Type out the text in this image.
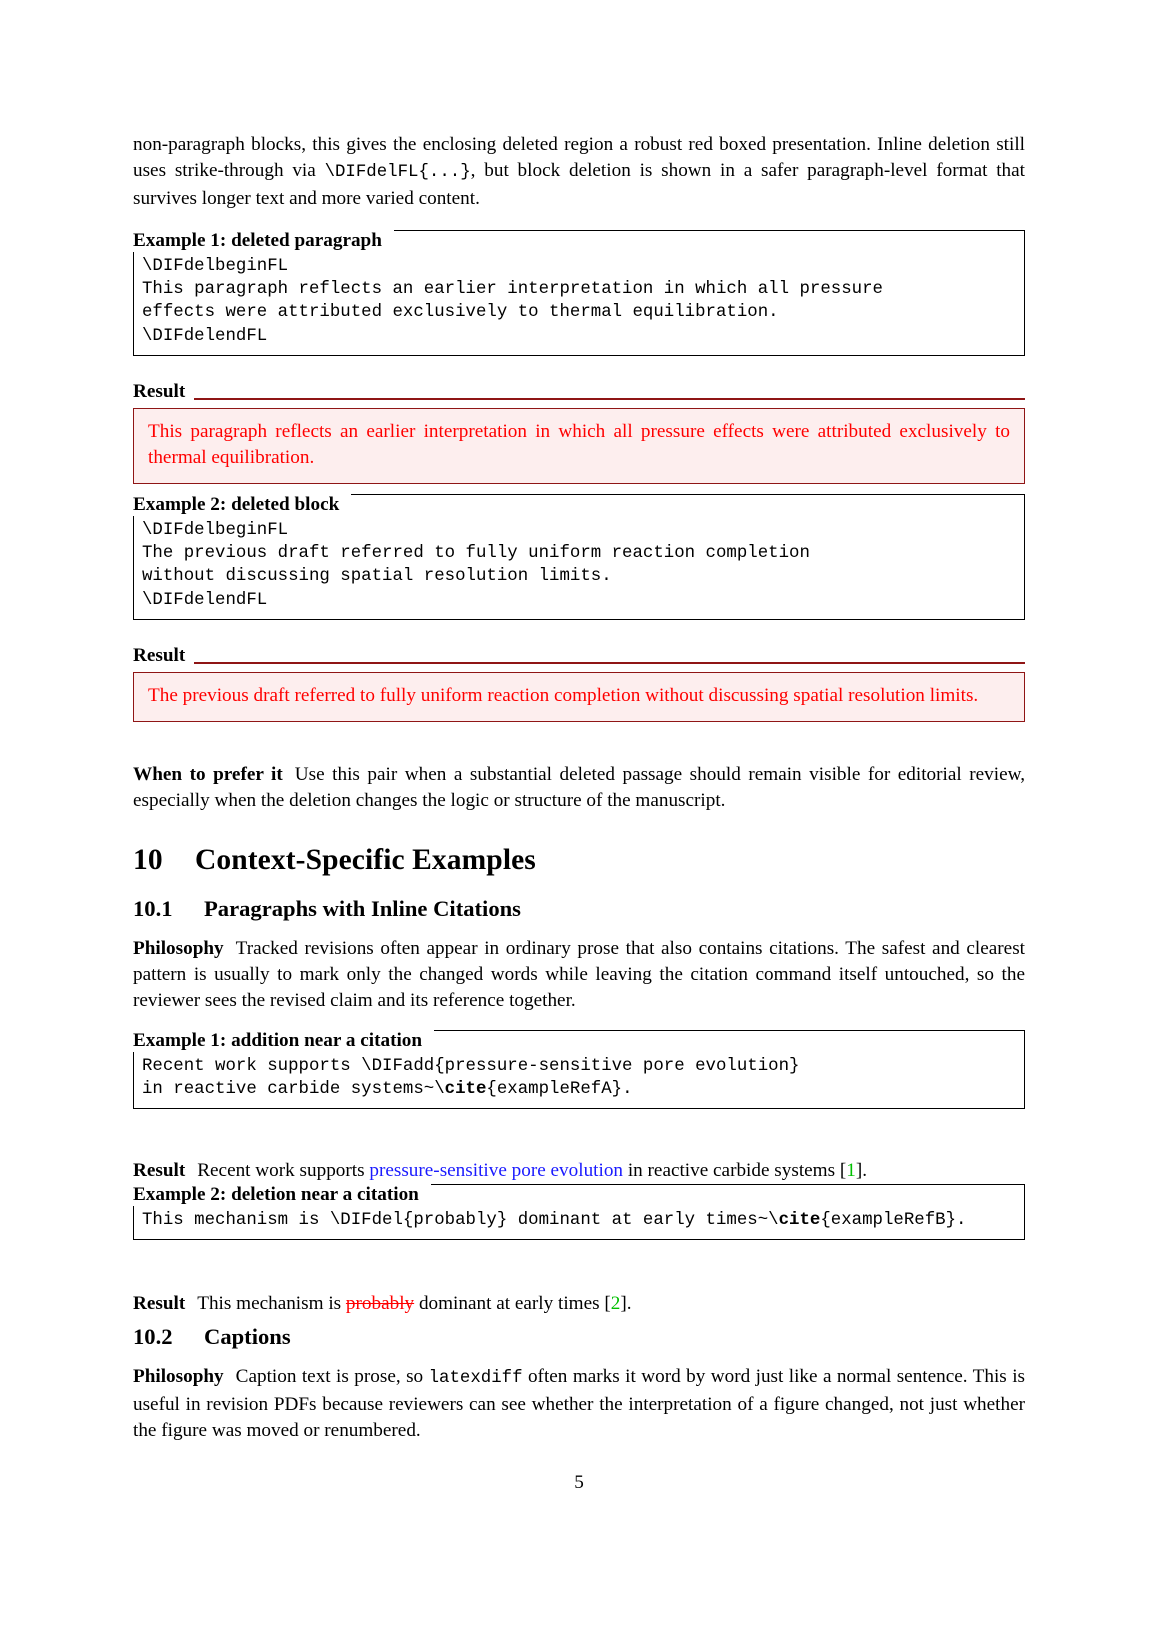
non-paragraph blocks, this gives the enclosing deleted region a robust red boxed presentation. Inline deletion still uses strike-through via \DIFdelFL{...}, but block deletion is shown in a safer paragraph-level format that survives longer text and more varied content.

Example 1: deleted paragraph
\DIFdelbeginFL
This paragraph reflects an earlier interpretation in which all pressure
effects were attributed exclusively to thermal equilibration.
\DIFdelendFL
Result
This paragraph reflects an earlier interpretation in which all pressure effects were attributed exclusively to thermal equilibration.
Example 2: deleted block
\DIFdelbeginFL
The previous draft referred to fully uniform reaction completion
without discussing spatial resolution limits.
\DIFdelendFL
Result
The previous draft referred to fully uniform reaction completion without discussing spatial resolution limits.

When to prefer it Use this pair when a substantial deleted passage should remain visible for editorial review, especially when the deletion changes the logic or structure of the manuscript.

10 Context-Specific Examples
10.1 Paragraphs with Inline Citations

Philosophy Tracked revisions often appear in ordinary prose that also contains citations. The safest and clearest pattern is usually to mark only the changed words while leaving the citation command itself untouched, so the reviewer sees the revised claim and its reference together.

Example 1: addition near a citation
Recent work supports \DIFadd{pressure-sensitive pore evolution}
in reactive carbide systems~\cite{exampleRefA}.

Result Recent work supports pressure-sensitive pore evolution in reactive carbide systems [1].

Example 2: deletion near a citation
This mechanism is \DIFdel{probably} dominant at early times~\cite{exampleRefB}.

Result This mechanism is probably dominant at early times [2].

10.2 Captions

Philosophy Caption text is prose, so latexdiff often marks it word by word just like a normal sentence. This is useful in revision PDFs because reviewers can see whether the interpretation of a figure changed, not just whether the figure was moved or renumbered.

5
